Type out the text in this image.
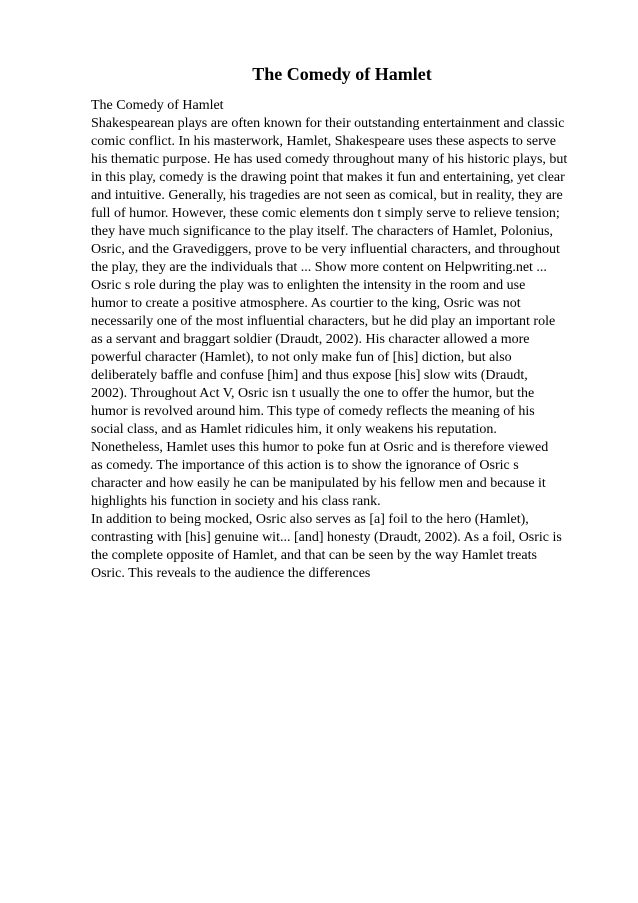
The Comedy of Hamlet
The Comedy of Hamlet
Shakespearean plays are often known for their outstanding entertainment and classic
comic conflict. In his masterwork, Hamlet, Shakespeare uses these aspects to serve
his thematic purpose. He has used comedy throughout many of his historic plays, but
in this play, comedy is the drawing point that makes it fun and entertaining, yet clear
and intuitive. Generally, his tragedies are not seen as comical, but in reality, they are
full of humor. However, these comic elements don t simply serve to relieve tension;
they have much significance to the play itself. The characters of Hamlet, Polonius,
Osric, and the Gravediggers, prove to be very influential characters, and throughout
the play, they are the individuals that ... Show more content on Helpwriting.net ...
Osric s role during the play was to enlighten the intensity in the room and use
humor to create a positive atmosphere. As courtier to the king, Osric was not
necessarily one of the most influential characters, but he did play an important role
as a servant and braggart soldier (Draudt, 2002). His character allowed a more
powerful character (Hamlet), to not only make fun of [his] diction, but also
deliberately baffle and confuse [him] and thus expose [his] slow wits (Draudt,
2002). Throughout Act V, Osric isn t usually the one to offer the humor, but the
humor is revolved around him. This type of comedy reflects the meaning of his
social class, and as Hamlet ridicules him, it only weakens his reputation.
Nonetheless, Hamlet uses this humor to poke fun at Osric and is therefore viewed
as comedy. The importance of this action is to show the ignorance of Osric s
character and how easily he can be manipulated by his fellow men and because it
highlights his function in society and his class rank.
In addition to being mocked, Osric also serves as [a] foil to the hero (Hamlet),
contrasting with [his] genuine wit... [and] honesty (Draudt, 2002). As a foil, Osric is
the complete opposite of Hamlet, and that can be seen by the way Hamlet treats
Osric. This reveals to the audience the differences
